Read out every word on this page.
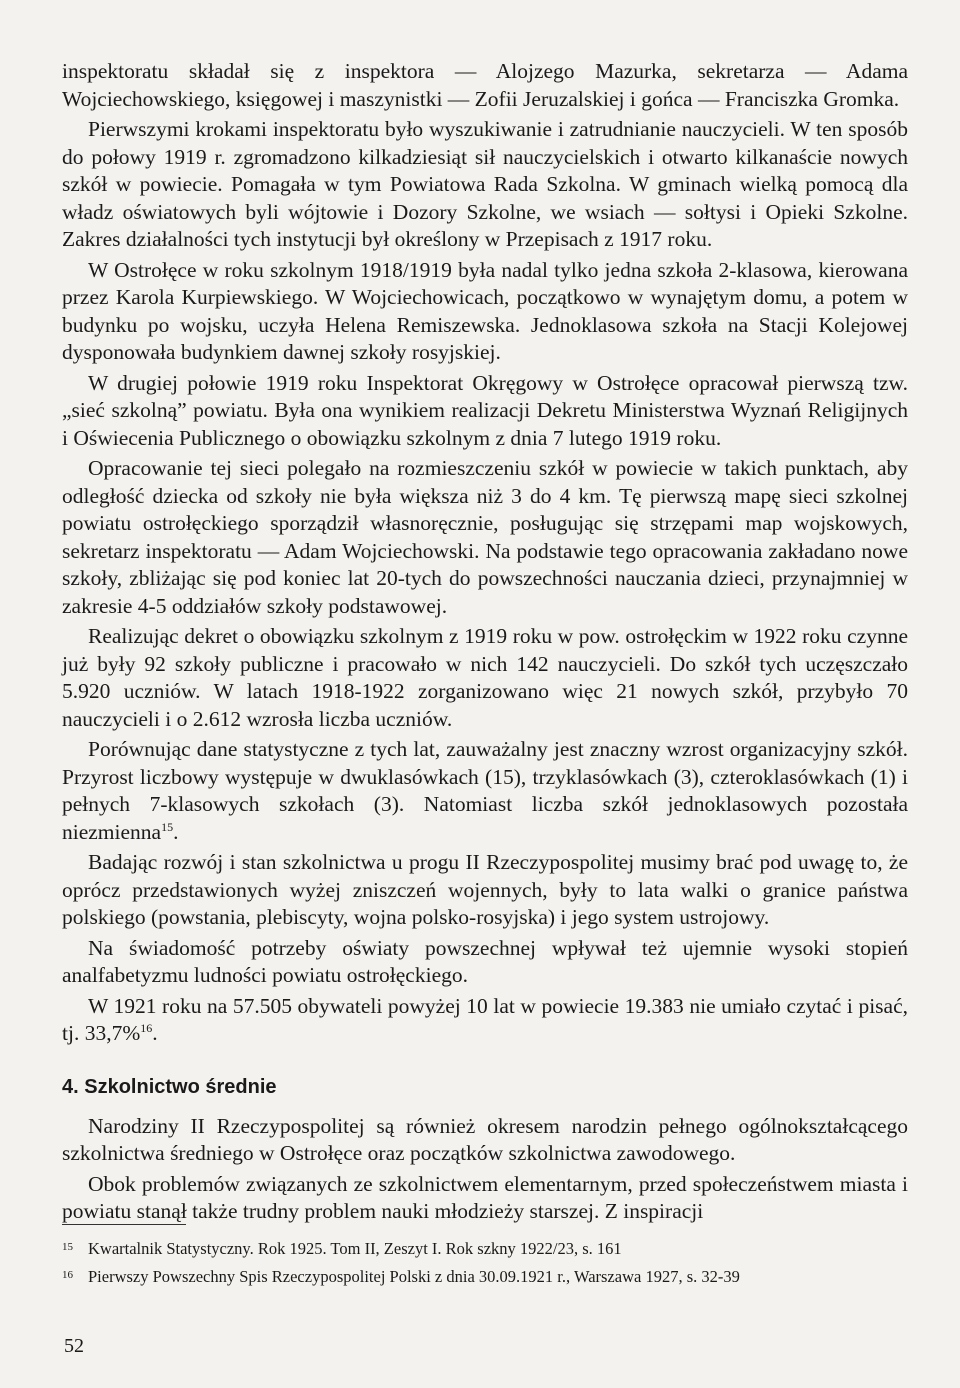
inspektoratu składał się z inspektora — Alojzego Mazurka, sekretarza — Adama Wojciechowskiego, księgowej i maszynistki — Zofii Jeruzalskiej i gońca — Franciszka Gromka.

Pierwszymi krokami inspektoratu było wyszukiwanie i zatrudnianie nauczycieli. W ten sposób do połowy 1919 r. zgromadzono kilkadziesiąt sił nauczycielskich i otwarto kilkanaście nowych szkół w powiecie. Pomagała w tym Powiatowa Rada Szkolna. W gminach wielką pomocą dla władz oświatowych byli wójtowie i Dozory Szkolne, we wsiach — sołtysi i Opieki Szkolne. Zakres działalności tych instytucji był określony w Przepisach z 1917 roku.

W Ostrołęce w roku szkolnym 1918/1919 była nadal tylko jedna szkoła 2-klasowa, kierowana przez Karola Kurpiewskiego. W Wojciechowicach, początkowo w wynajętym domu, a potem w budynku po wojsku, uczyła Helena Remiszewska. Jednoklasowa szkoła na Stacji Kolejowej dysponowała budynkiem dawnej szkoły rosyjskiej.

W drugiej połowie 1919 roku Inspektorat Okręgowy w Ostrołęce opracował pierwszą tzw. „sieć szkolną” powiatu. Była ona wynikiem realizacji Dekretu Ministerstwa Wyznań Religijnych i Oświecenia Publicznego o obowiązku szkolnym z dnia 7 lutego 1919 roku.

Opracowanie tej sieci polegało na rozmieszczeniu szkół w powiecie w takich punktach, aby odległość dziecka od szkoły nie była większa niż 3 do 4 km. Tę pierwszą mapę sieci szkolnej powiatu ostrołęckiego sporządził własnoręcznie, posługując się strzępami map wojskowych, sekretarz inspektoratu — Adam Wojciechowski. Na podstawie tego opracowania zakładano nowe szkoły, zbliżając się pod koniec lat 20-tych do powszechności nauczania dzieci, przynajmniej w zakresie 4-5 oddziałów szkoły podstawowej.

Realizując dekret o obowiązku szkolnym z 1919 roku w pow. ostrołęckim w 1922 roku czynne już były 92 szkoły publiczne i pracowało w nich 142 nauczycieli. Do szkół tych uczęszczało 5.920 uczniów. W latach 1918-1922 zorganizowano więc 21 nowych szkół, przybyło 70 nauczycieli i o 2.612 wzrosła liczba uczniów.

Porównując dane statystyczne z tych lat, zauważalny jest znaczny wzrost organizacyjny szkół. Przyrost liczbowy występuje w dwuklasówkach (15), trzyklasówkach (3), czteroklasówkach (1) i pełnych 7-klasowych szkołach (3). Natomiast liczba szkół jednoklasowych pozostała niezmienna$^{15}$.

Badając rozwój i stan szkolnictwa u progu II Rzeczypospolitej musimy brać pod uwagę to, że oprócz przedstawionych wyżej zniszczeń wojennych, były to lata walki o granice państwa polskiego (powstania, plebiscyty, wojna polsko-rosyjska) i jego system ustrojowy.

Na świadomość potrzeby oświaty powszechnej wpływał też ujemnie wysoki stopień analfabetyzmu ludności powiatu ostrołęckiego.

W 1921 roku na 57.505 obywateli powyżej 10 lat w powiecie 19.383 nie umiało czytać i pisać, tj. 33,7%$^{16}$.

4. Szkolnictwo średnie

Narodziny II Rzeczypospolitej są również okresem narodzin pełnego ogólnokształcącego szkolnictwa średniego w Ostrołęce oraz początków szkolnictwa zawodowego.

Obok problemów związanych ze szkolnictwem elementarnym, przed społeczeństwem miasta i powiatu stanął także trudny problem nauki młodzieży starszej. Z inspiracji

15 Kwartalnik Statystyczny. Rok 1925. Tom II, Zeszyt I. Rok szkny 1922/23, s. 161

16 Pierwszy Powszechny Spis Rzeczypospolitej Polski z dnia 30.09.1921 r., Warszawa 1927, s. 32-39

52
